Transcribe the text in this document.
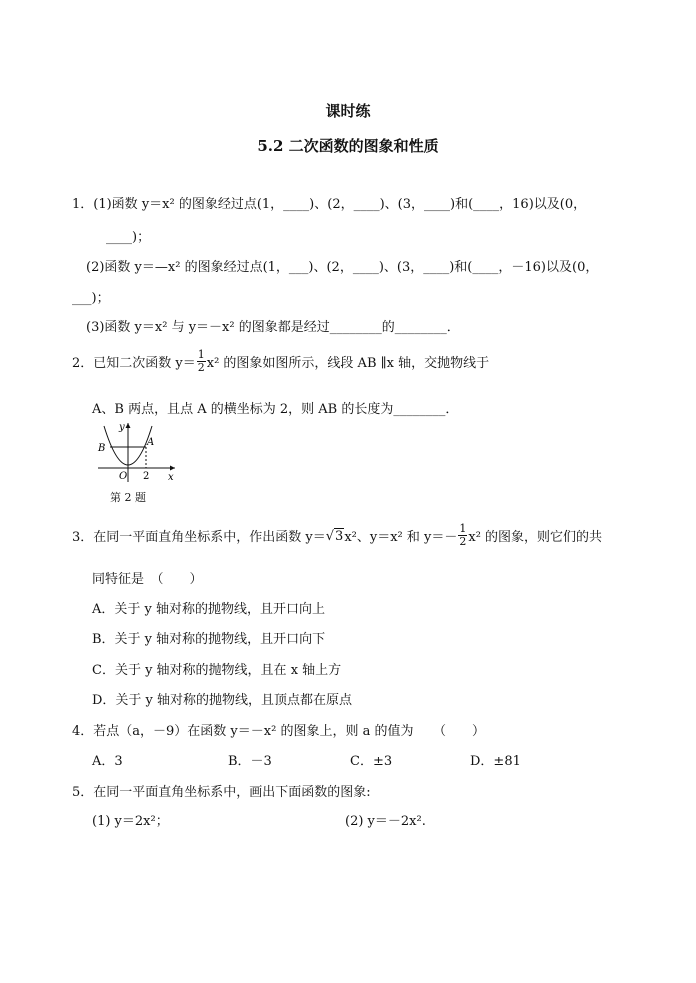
课时练
5.2 二次函数的图象和性质
1．(1)函数 y＝x² 的图象经过点(1，____)、(2，____)、(3，____)和(____，16)以及(0，
____)；
(2)函数 y＝—x² 的图象经过点(1，___)、(2，____)、(3，____)和(____，－16)以及(0，
___)；
(3)函数 y＝x² 与 y＝－x² 的图象都是经过________的________．
2．已知二次函数 y＝
1
2 x² 的图象如图所示，线段 AB ∥x 轴，交抛物线于
A、B 两点，且点 A 的横坐标为 2，则 AB 的长度为________．
y
x
B
A
O 2
第 2 题
3．在同一平面直角坐标系中，作出函数 y＝ √ 3 x²、y＝x² 和 y＝－
1
2 x² 的图象，则它们的共
同特征是　（　　）
A．关于 y 轴对称的抛物线，且开口向上
B．关于 y 轴对称的抛物线，且开口向下
C．关于 y 轴对称的抛物线，且在 x 轴上方
D．关于 y 轴对称的抛物线，且顶点都在原点
4．若点（a，－9）在函数 y＝－x² 的图象上，则 a 的值为　　（　　）
A．3	B．－3	C．±3	D．±81
5．在同一平面直角坐标系中，画出下面函数的图象:
(1) y＝2x²；	(2) y＝－2x².
